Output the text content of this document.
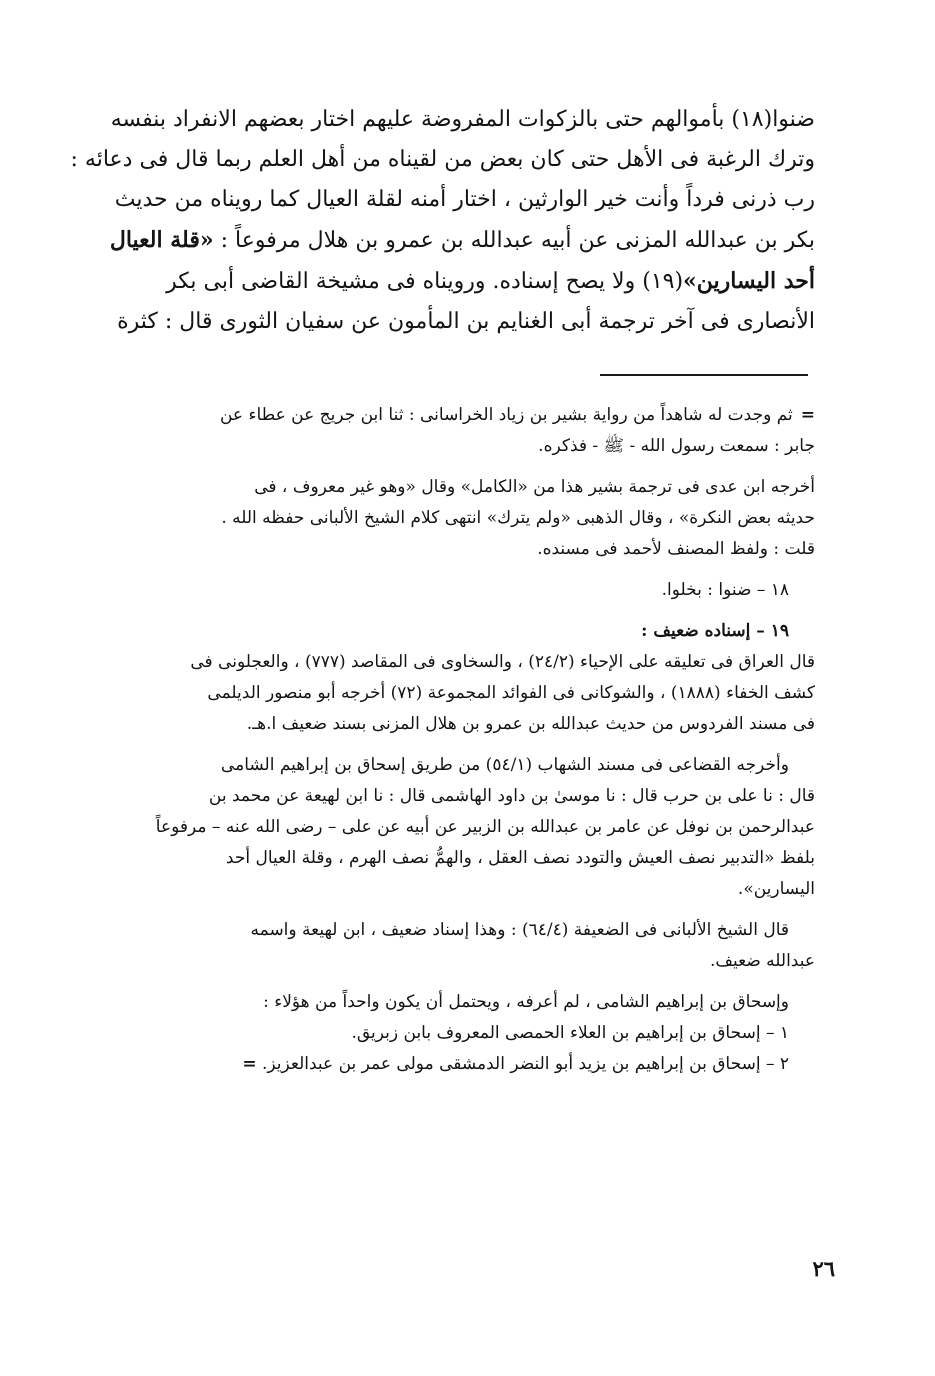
ضنوا(١٨) بأموالهم حتى بالزكوات المفروضة عليهم اختار بعضهم الانفراد بنفسه
وترك الرغبة فى الأهل حتى كان بعض من لقيناه من أهل العلم ربما قال فى دعائه :
رب ذرنى فرداً وأنت خير الوارثين ، اختار أمنه لقلة العيال كما رويناه من حديث
بكر بن عبدالله المزنى عن أبيه عبدالله بن عمرو بن هلال مرفوعاً : «قلة العيال
أحد اليسارين»(١٩) ولا يصح إسناده. ورويناه فى مشيخة القاضى أبى بكر
الأنصارى فى آخر ترجمة أبى الغنايم بن المأمون عن سفيان الثورى قال : كثرة
=ثم وجدت له شاهداً من رواية بشير بن زياد الخراسانى : ثنا ابن جريج عن عطاء عن
جابر : سمعت رسول الله - ﷺ - فذكره.
أخرجه ابن عدى فى ترجمة بشير هذا من «الكامل» وقال «وهو غير معروف ، فى
حديثه بعض النكرة» ، وقال الذهبى «ولم يترك» انتهى كلام الشيخ الألبانى حفظه الله .
قلت : ولفظ المصنف لأحمد فى مسنده.
١٨ – ضنوا : بخلوا.
١٩ – إسناده ضعيف :
قال العراق فى تعليقه على الإحياء (٢٤/٢) ، والسخاوى فى المقاصد (٧٧٧) ، والعجلونى فى
كشف الخفاء (١٨٨٨) ، والشوكانى فى الفوائد المجموعة (٧٢) أخرجه أبو منصور الديلمى
فى مسند الفردوس من حديث عبدالله بن عمرو بن هلال المزنى بسند ضعيف ا.هـ.
وأخرجه القضاعى فى مسند الشهاب (٥٤/١) من طريق إسحاق بن إبراهيم الشامى
قال : نا على بن حرب قال : نا موسىٰ بن داود الهاشمى قال : نا ابن لهيعة عن محمد بن
عبدالرحمن بن نوفل عن عامر بن عبدالله بن الزبير عن أبيه عن على – رضى الله عنه – مرفوعاً
بلفظ «التدبير نصف العيش والتودد نصف العقل ، والهمُّ نصف الهرم ، وقلة العيال أحد
اليسارين».
قال الشيخ الألبانى فى الضعيفة (٦٤/٤) : وهذا إسناد ضعيف ، ابن لهيعة واسمه
عبدالله ضعيف.
وإسحاق بن إبراهيم الشامى ، لم أعرفه ، ويحتمل أن يكون واحداً من هؤلاء :
١ – إسحاق بن إبراهيم بن العلاء الحمصى المعروف بابن زبريق.
٢ – إسحاق بن إبراهيم بن يزيد أبو النضر الدمشقى مولى عمر بن عبدالعزيز. =
٢٦
